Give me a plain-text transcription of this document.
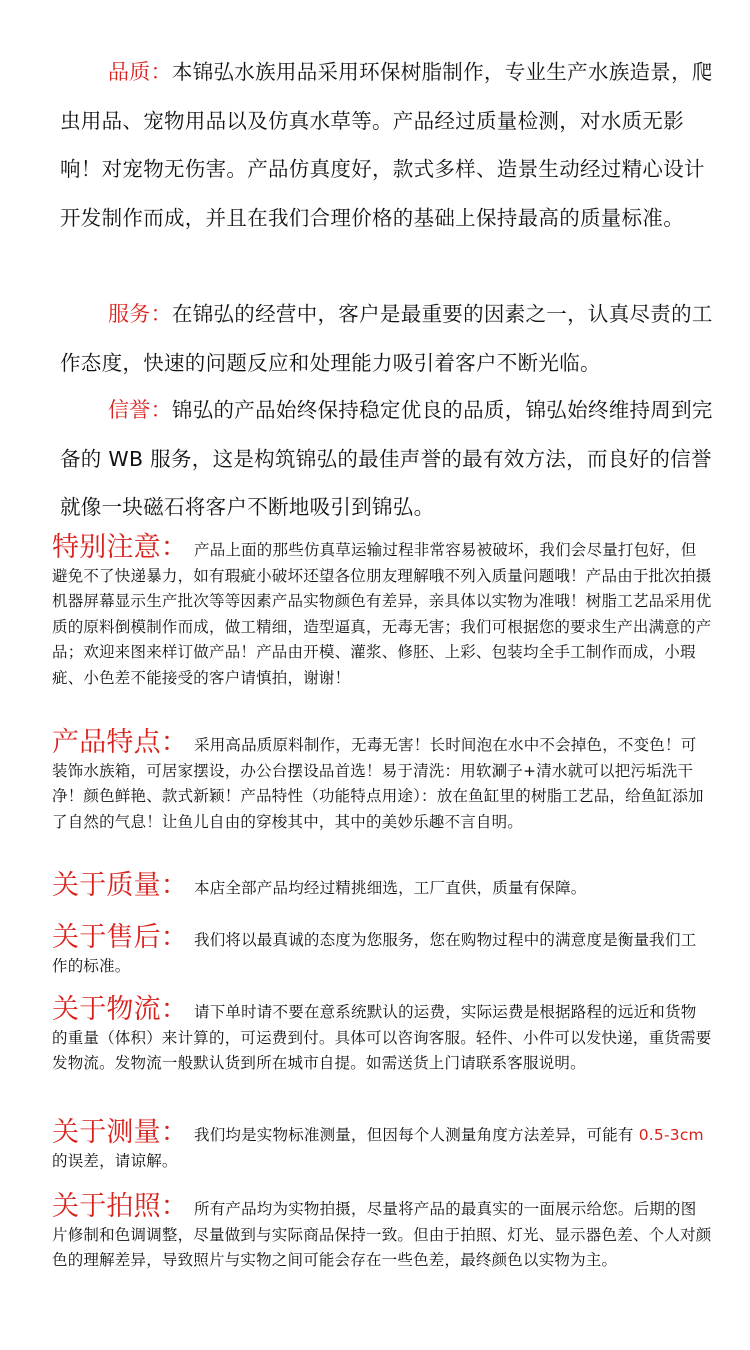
品质：本锦弘水族用品采用环保树脂制作，专业生产水族造景，爬虫用品、宠物用品以及仿真水草等。产品经过质量检测，对水质无影响！对宠物无伤害。产品仿真度好，款式多样、造景生动经过精心设计开发制作而成，并且在我们合理价格的基础上保持最高的质量标准。
服务：在锦弘的经营中，客户是最重要的因素之一，认真尽责的工作态度，快速的问题反应和处理能力吸引着客户不断光临。
信誉：锦弘的产品始终保持稳定优良的品质，锦弘始终维持周到完备的 WB 服务，这是构筑锦弘的最佳声誉的最有效方法，而良好的信誉就像一块磁石将客户不断地吸引到锦弘。
特别注意： 产品上面的那些仿真草运输过程非常容易被破坏，我们会尽量打包好，但避免不了快递暴力，如有瑕疵小破坏还望各位朋友理解哦不列入质量问题哦！产品由于批次拍摄机器屏幕显示生产批次等等因素产品实物颜色有差异，亲具体以实物为准哦！树脂工艺品采用优质的原料倒模制作而成，做工精细，造型逼真，无毒无害；我们可根据您的要求生产出满意的产品；欢迎来图来样订做产品！产品由开模、灌浆、修胚、上彩、包装均全手工制作而成，小瑕疵、小色差不能接受的客户请慎拍，谢谢！
产品特点： 采用高品质原料制作，无毒无害！长时间泡在水中不会掉色，不变色！可装饰水族箱，可居家摆设，办公台摆设品首选！易于清洗：用软涮子+清水就可以把污垢洗干净！颜色鲜艳、款式新颖！产品特性（功能特点用途）：放在鱼缸里的树脂工艺品，给鱼缸添加了自然的气息！让鱼儿自由的穿梭其中，其中的美妙乐趣不言自明。
关于质量： 本店全部产品均经过精挑细选，工厂直供，质量有保障。
关于售后： 我们将以最真诚的态度为您服务，您在购物过程中的满意度是衡量我们工作的标准。
关于物流： 请下单时请不要在意系统默认的运费，实际运费是根据路程的远近和货物的重量（体积）来计算的，可运费到付。具体可以咨询客服。轻件、小件可以发快递，重货需要发物流。发物流一般默认货到所在城市自提。如需送货上门请联系客服说明。
关于测量： 我们均是实物标准测量，但因每个人测量角度方法差异，可能有 0.5-3cm 的误差，请谅解。
关于拍照： 所有产品均为实物拍摄，尽量将产品的最真实的一面展示给您。后期的图片修制和色调调整，尽量做到与实际商品保持一致。但由于拍照、灯光、显示器色差、个人对颜色的理解差异，导致照片与实物之间可能会存在一些色差，最终颜色以实物为主。
